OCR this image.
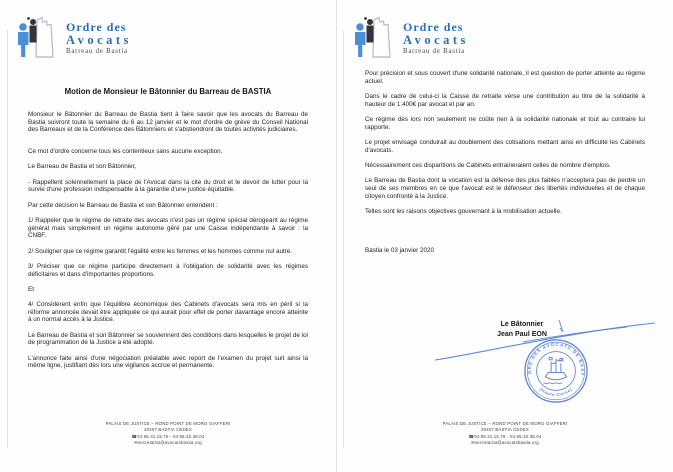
Ordre des
Avocats
Barreau de Bastia
Motion de Monsieur le Bâtonnier du Barreau de BASTIA

Monsieur le Bâtonnier du Barreau de Bastia tient à faire savoir que les avocats du Barreau de Bastia suivront toute la semaine du 6 au 12 janvier et le mot d'ordre de grève du Conseil National des Barreaux et de la Conférence des Bâtonniers et s'abstiendront de toutes activités judiciaires.

Ce mot d'ordre concerne tous les contentieux sans aucune exception.

Le Barreau de Bastia et son Bâtonnier,

- Rappellent solennellement la place de l'Avocat dans la cité du droit et le devoir de lutter pour la survie d'une profession indispensable à la garantie d'une justice équitable.

Par cette décision le Barreau de Bastia et son Bâtonnier entendent :

1/ Rappeler que le régime de retraite des avocats n'est pas un régime spécial dérogeant au régime général mais simplement un régime autonome géré par une Caisse indépendante à savoir : la CNBF.

2/ Souligner que ce régime garantit l'égalité entre les femmes et les hommes comme nul autre.

3/ Préciser que ce régime participe directement à l'obligation de solidarité avec les régimes déficitaires et dans d'importantes proportions.

Et

4/ Considèrent enfin que l'équilibre économique des Cabinets d'avocats sera mis en péril si la réforme annoncée devait être appliquée ce qui aurait pour effet de porter davantage encore atteinte à un normal accès à la Justice.

Le Barreau de Bastia et son Bâtonnier se souviennent des conditions dans lesquelles le projet de loi de programmation de la Justice a été adopté.

L'annonce faite ainsi d'une négociation préalable avec report de l'examen du projet suit ainsi la même ligne, justifiant dès lors une vigilance accrue et permanente.

PALAIS DE JUSTICE – ROND POINT DE MORO GIAFFERI
20407 BASTIA CEDEX
☎04.95.31.15.76 - 04.95.32.38.04
✉secretariat@avocatsbastia.org
Ordre des
Avocats
Barreau de Bastia

Pour précision et sous couvert d'une solidarité nationale, il est question de porter atteinte au régime actuel.

Dans le cadre de celui-ci la Caisse de retraite verse une contribution au titre de la solidarité à hauteur de 1.400€ par avocat et par an.

Ce régime dès lors non seulement ne coûte rien à la solidarité nationale et tout au contraire lui rapporte.

Le projet envisagé conduirait au doublement des cotisations mettant ainsi en difficulté les Cabinets d'avocats.

Nécessairement ces disparitions de Cabinets entraineraient celles de nombre d'emplois.

Le Barreau de Bastia dont la vocation est la défense des plus faibles n'acceptera pas de perdre un seul de ses membres en ce que l'avocat est le défenseur des libertés individuelles et de chaque citoyen confronté à la Justice.

Telles sont les raisons objectives gouvernant à la mobilisation actuelle.

Bastia le 03 janvier 2020

Le Bâtonnier
Jean Paul EON
ORDRE DES AVOCATS DE BASTIA
(Haute-Corse)
PALAIS DE JUSTICE – ROND POINT DE MORO GIAFFERI
20407 BASTIA CEDEX
☎04.95.31.15.76 - 04.95.32.38.04
✉secretariat@avocatsbastia.org
